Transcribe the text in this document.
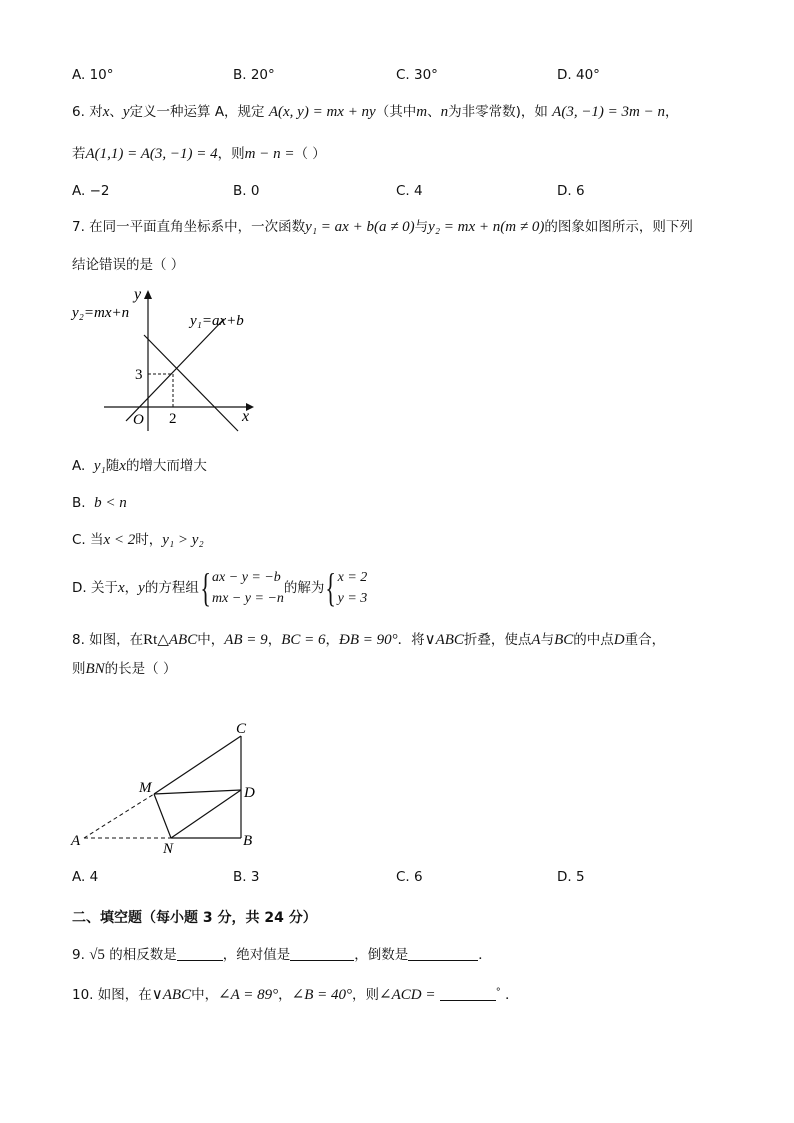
A. 10°	B. 20°	C. 30°	D. 40°
6. 对x、y定义一种运算 A，规定 A(x, y) = mx + ny（其中m、n为非零常数)，如 A(3, −1) = 3m − n，
若A(1,1) = A(3, −1) = 4，则m − n =（ ）
A. −2	B. 0	C. 4	D. 6
7. 在同一平面直角坐标系中，一次函数y₁ = ax + b(a ≠ 0)与y₂ = mx + n(m ≠ 0)的图象如图所示，则下列
结论错误的是（ ）
y₂=mx+n	y₁=ax+b
y
x
O
3
2
A. y₁随x的增大而增大
B. b < n
C. 当x < 2时，y₁ > y₂
D. 关于x，y的方程组{ax − y = −b
mx − y = −n的解为{x = 2
y = 3
8. 如图，在Rt△ABC中，AB = 9，BC = 6，ÐB = 90°．将∨ABC折叠，使点A与BC的中点D重合，
则BN的长是（ ）
C
M	D
A	N	B
A. 4	B. 3	C. 6	D. 5
二、填空题（每小题 3 分，共 24 分）
9. √5 的相反数是	，绝对值是	，倒数是	．
10. 如图，在∨ABC中，∠A = 89°，∠B = 40°，则∠ACD =	° ．
